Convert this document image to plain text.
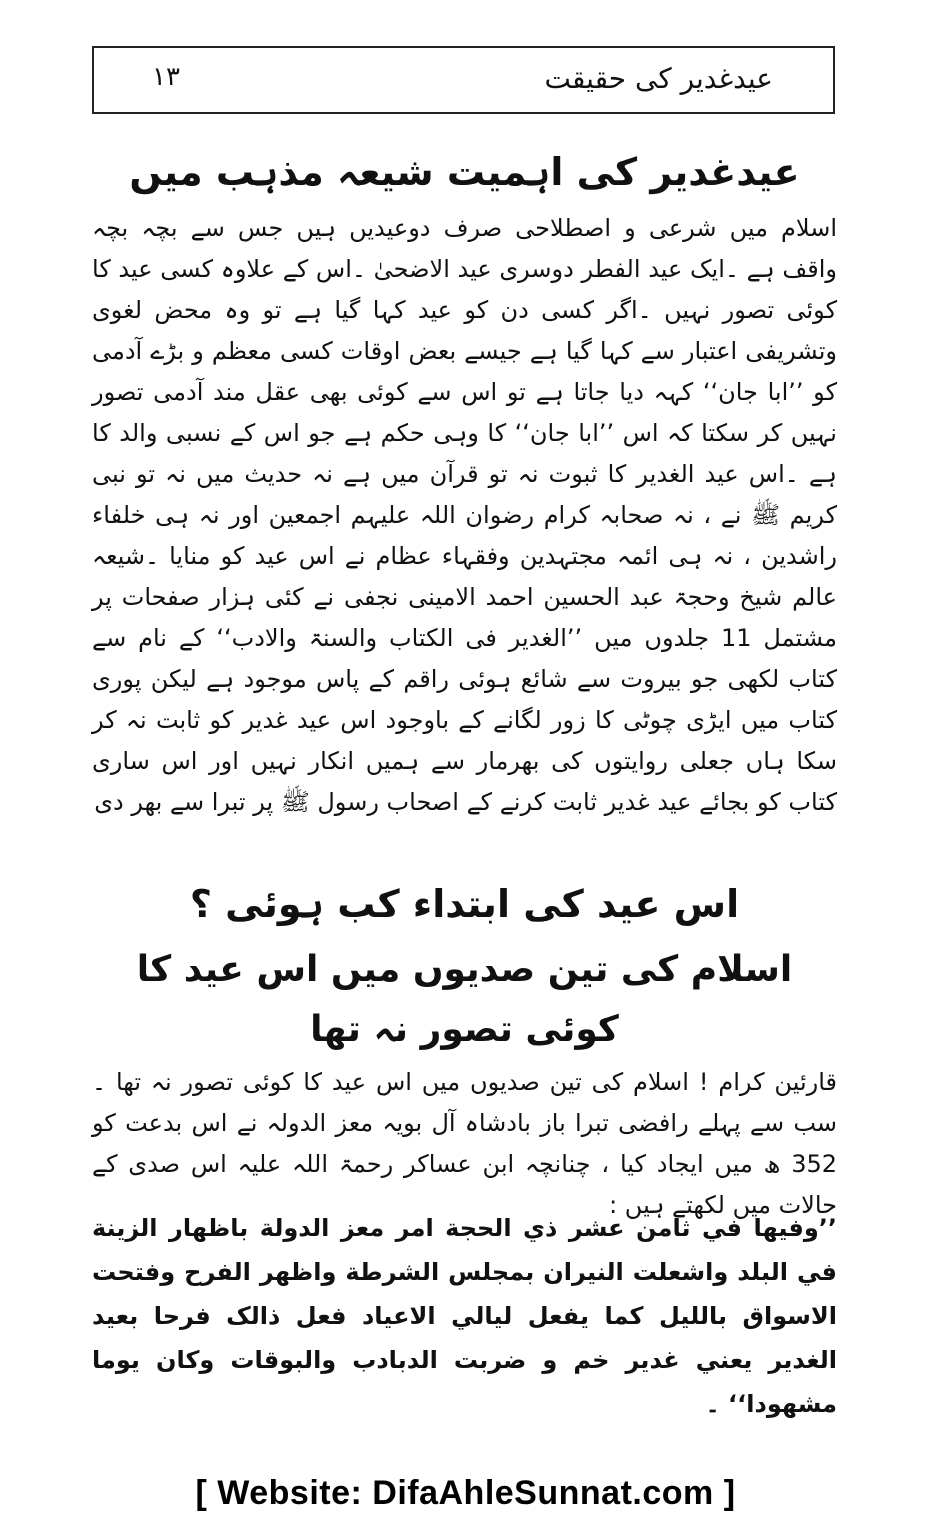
عیدغدیر کی حقیقت
۱۳
عیدغدیر کی اہمیت شیعہ مذہب میں

اسلام میں شرعی و اصطلاحی صرف دوعیدیں ہیں جس سے بچہ بچہ واقف ہے ۔ایک عید الفطر دوسری عید الاضحیٰ ۔اس کے علاوہ کسی عید کا کوئی تصور نہیں ۔اگر کسی دن کو عید کہا گیا ہے تو وہ محض لغوی وتشریفی اعتبار سے کہا گیا ہے جیسے بعض اوقات کسی معظم و بڑے آدمی کو ’’ابا جان‘‘ کہہ دیا جاتا ہے تو اس سے کوئی بھی عقل مند آدمی تصور نہیں کر سکتا کہ اس ’’ابا جان‘‘ کا وہی حکم ہے جو اس کے نسبی والد کا ہے ۔اس عید الغدیر کا ثبوت نہ تو قرآن میں ہے نہ حدیث میں نہ تو نبی کریم ﷺ نے ، نہ صحابہ کرام رضوان اللہ علیہم اجمعین اور نہ ہی خلفاء راشدین ، نہ ہی ائمہ مجتہدین وفقہاء عظام نے اس عید کو منایا ۔شیعہ عالم شیخ وحجۃ عبد الحسین احمد الامینی نجفی نے کئی ہزار صفحات پر مشتمل 11 جلدوں میں ’’الغدیر فی الکتاب والسنۃ والادب‘‘ کے نام سے کتاب لکھی جو بیروت سے شائع ہوئی راقم کے پاس موجود ہے لیکن پوری کتاب میں ایڑی چوٹی کا زور لگانے کے باوجود اس عید غدیر کو ثابت نہ کر سکا ہاں جعلی روایتوں کی بھرمار سے ہمیں انکار نہیں اور اس ساری کتاب کو بجائے عید غدیر ثابت کرنے کے اصحاب رسول ﷺ پر تبرا سے بھر دی

اس عید کی ابتداء کب ہوئی ؟
اسلام کی تین صدیوں میں اس عید کا کوئی تصور نہ تھا

قارئین کرام ! اسلام کی تین صدیوں میں اس عید کا کوئی تصور نہ تھا ۔سب سے پہلے رافضی تبرا باز بادشاہ آل بویہ معز الدولہ نے اس بدعت کو 352 ھ میں ایجاد کیا ، چنانچہ ابن عساکر رحمۃ اللہ علیہ اس صدی کے حالات میں لکھتے ہیں :

’’وفيها في ثامن عشر ذي الحجة امر معز الدولة باظهار الزينة في البلد واشعلت النيران بمجلس الشرطة واظهر الفرح وفتحت الاسواق بالليل كما يفعل ليالي الاعياد فعل ذالک فرحا بعيد الغدير يعني غدير خم و ضربت الدبادب والبوقات وكان يوما مشهودا‘‘ ۔

[ Website: DifaAhleSunnat.com ]
